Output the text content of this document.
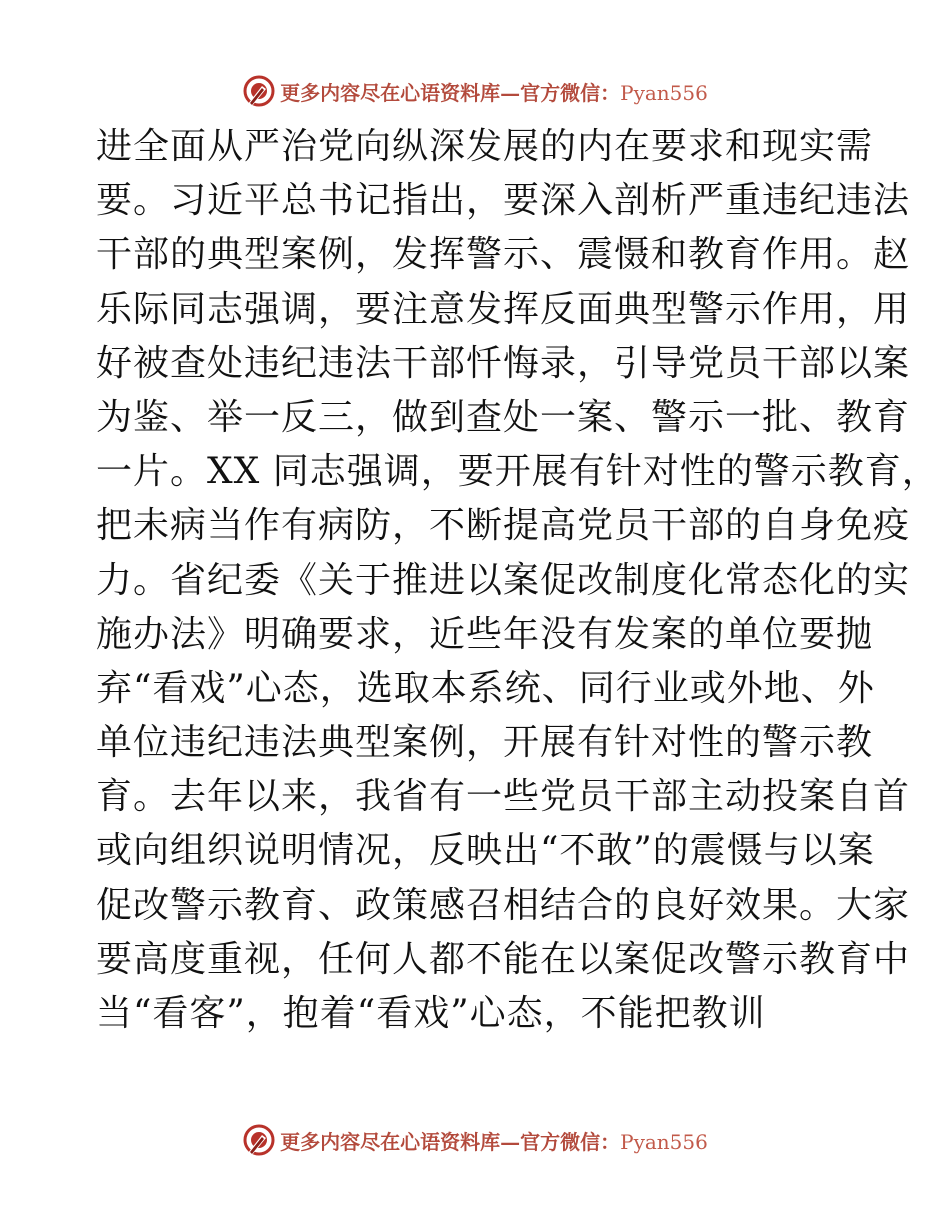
更多内容尽在心语资料库—官方微信：Pyan556
进全面从严治党向纵深发展的内在要求和现实需
要。习近平总书记指出，要深入剖析严重违纪违法
干部的典型案例，发挥警示、震慑和教育作用。赵
乐际同志强调，要注意发挥反面典型警示作用，用
好被查处违纪违法干部忏悔录，引导党员干部以案
为鉴、举一反三，做到查处一案、警示一批、教育
一片。XX 同志强调，要开展有针对性的警示教育，
把未病当作有病防，不断提高党员干部的自身免疫
力。省纪委《关于推进以案促改制度化常态化的实
施办法》明确要求，近些年没有发案的单位要抛
弃“看戏”心态，选取本系统、同行业或外地、外
单位违纪违法典型案例，开展有针对性的警示教
育。去年以来，我省有一些党员干部主动投案自首
或向组织说明情况，反映出“不敢”的震慑与以案
促改警示教育、政策感召相结合的良好效果。大家
要高度重视，任何人都不能在以案促改警示教育中
当“看客”，抱着“看戏”心态，不能把教训
更多内容尽在心语资料库—官方微信：Pyan556
